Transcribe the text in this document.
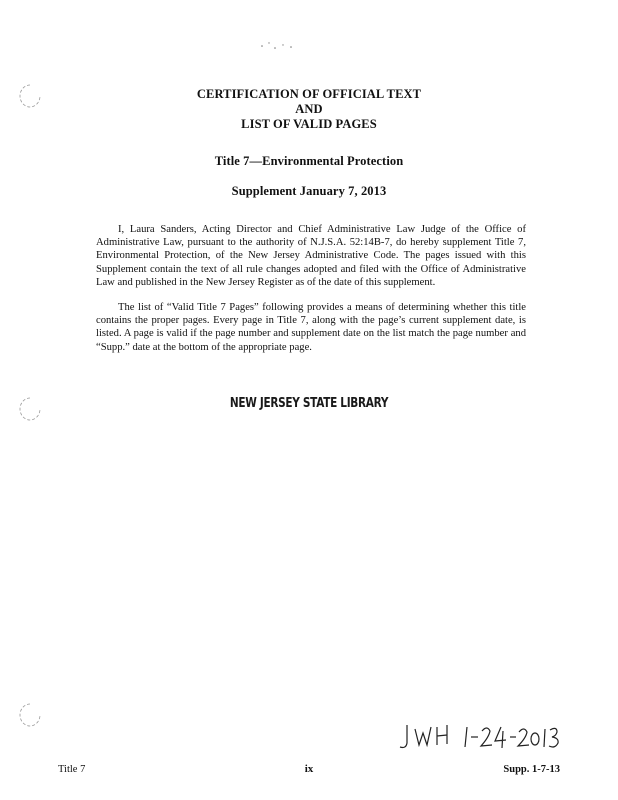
CERTIFICATION OF OFFICIAL TEXT
AND
LIST OF VALID PAGES
Title 7—Environmental Protection
Supplement January 7, 2013

I, Laura Sanders, Acting Director and Chief Administrative Law Judge of the Office of Administrative Law, pursuant to the authority of N.J.S.A. 52:14B-7, do hereby supplement Title 7, Environmental Protection, of the New Jersey Administrative Code. The pages issued with this Supplement contain the text of all rule changes adopted and filed with the Office of Administrative Law and published in the New Jersey Register as of the date of this supplement.

The list of “Valid Title 7 Pages” following provides a means of determining whether this title contains the proper pages. Every page in Title 7, along with the page’s current supplement date, is listed. A page is valid if the page number and supplement date on the list match the page number and “Supp.” date at the bottom of the appropriate page.

NEW JERSEY STATE LIBRARY
Title 7	ix	Supp. 1-7-13
